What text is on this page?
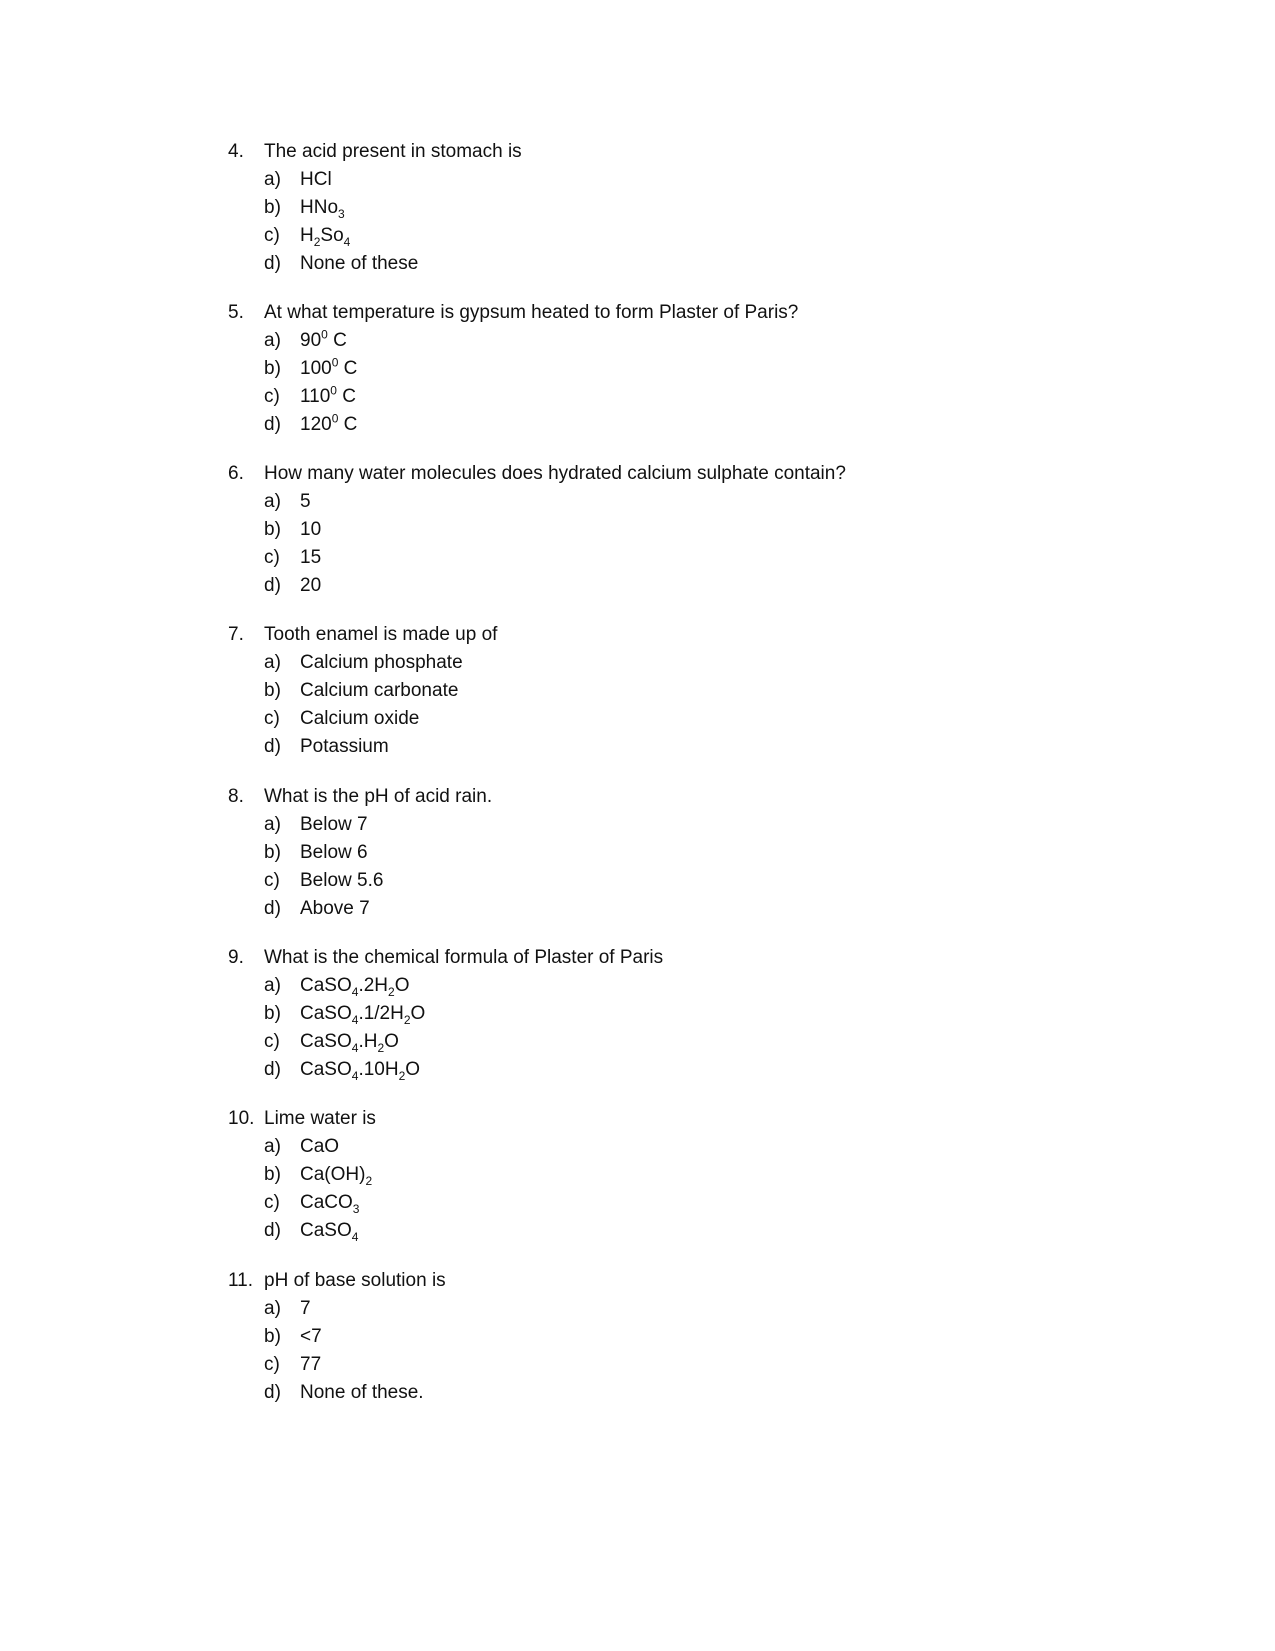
4.	The acid present in stomach is
a)	HCl
b)	HNo$_3$
c)	$H_2So_4$
d)	None of these
5.	At what temperature is gypsum heated to form Plaster of Paris?
a)	$90^0$ C
b)	$100^0$ C
c)	$110^0$ C
d)	$120^0$ C
6.	How many water molecules does hydrated calcium sulphate contain?
a)	5
b)	10
c)	15
d)	20
7.	Tooth enamel is made up of
a)	Calcium phosphate
b)	Calcium carbonate
c)	Calcium oxide
d)	Potassium
8.	What is the pH of acid rain.
a)	Below 7
b)	Below 6
c)	Below 5.6
d)	Above 7
9.	What is the chemical formula of Plaster of Paris
a)	$CaSO_4.2H_2O$
b)	$CaSO_4.1/2H_2O$
c)	$CaSO_4.H_2O$
d)	$CaSO_4.10H_2O$
10. Lime water is
a)	CaO
b)	$Ca(OH)_2$
c)	CaCO$_3$
d)	CaSO$_4$
11. pH of base solution is
a)	7
b)	<7
c)	77
d)	None of these.
